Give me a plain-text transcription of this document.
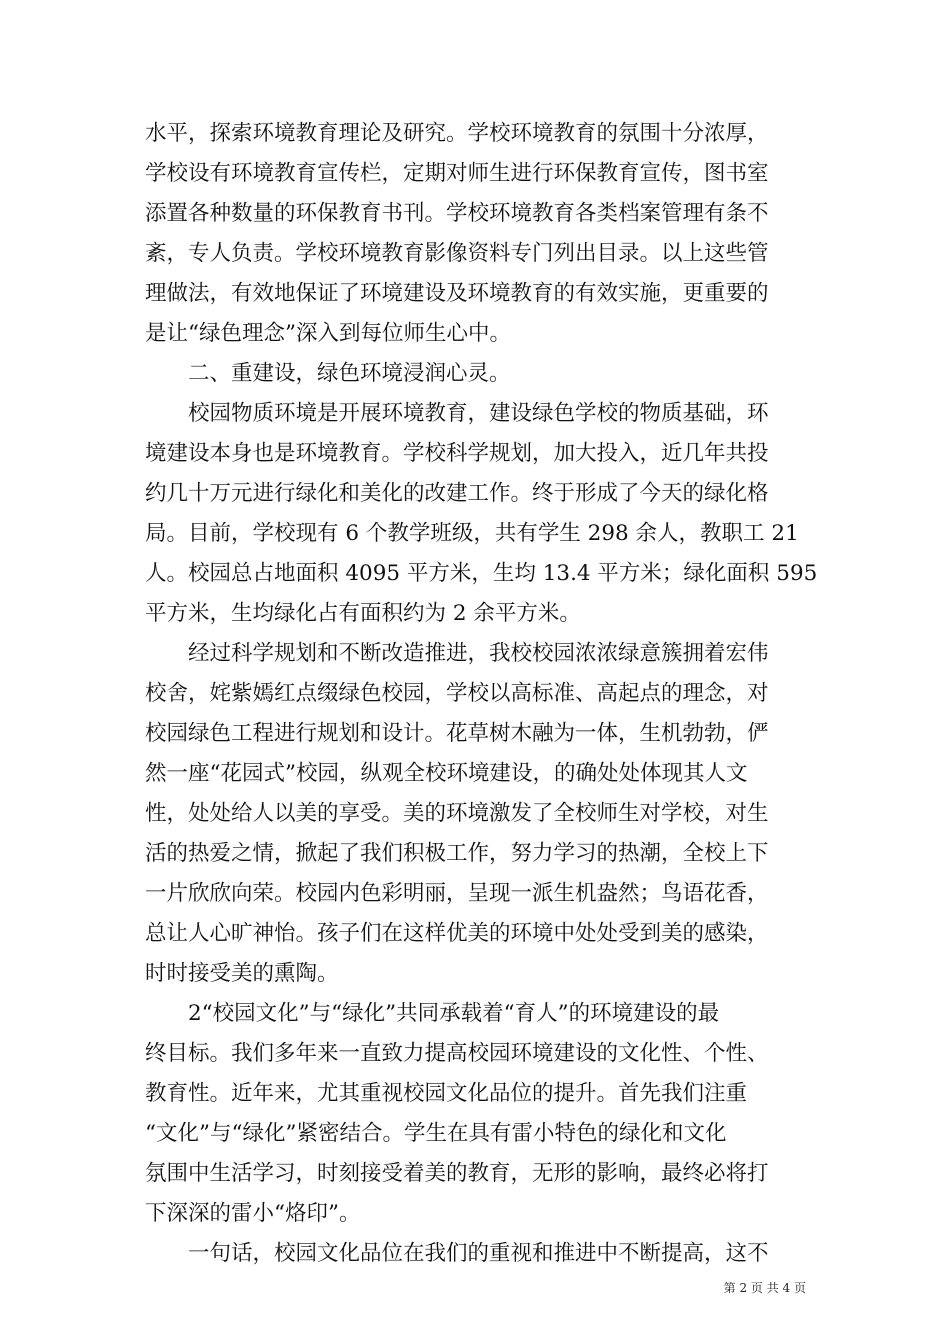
水平，探索环境教育理论及研究。学校环境教育的氛围十分浓厚，
学校设有环境教育宣传栏，定期对师生进行环保教育宣传，图书室
添置各种数量的环保教育书刊。学校环境教育各类档案管理有条不
紊，专人负责。学校环境教育影像资料专门列出目录。以上这些管
理做法，有效地保证了环境建设及环境教育的有效实施，更重要的
是让“绿色理念”深入到每位师生心中。
　　二、重建设，绿色环境浸润心灵。
　　校园物质环境是开展环境教育，建设绿色学校的物质基础，环
境建设本身也是环境教育。学校科学规划，加大投入，近几年共投
约几十万元进行绿化和美化的改建工作。终于形成了今天的绿化格
局。目前，学校现有 6 个教学班级，共有学生 298 余人，教职工 21
人。校园总占地面积 4095 平方米，生均 13.4 平方米；绿化面积 595
平方米，生均绿化占有面积约为 2 余平方米。
　　经过科学规划和不断改造推进，我校校园浓浓绿意簇拥着宏伟
校舍，姹紫嫣红点缀绿色校园，学校以高标准、高起点的理念，对
校园绿色工程进行规划和设计。花草树木融为一体，生机勃勃，俨
然一座“花园式”校园，纵观全校环境建设，的确处处体现其人文
性，处处给人以美的享受。美的环境激发了全校师生对学校，对生
活的热爱之情，掀起了我们积极工作，努力学习的热潮，全校上下
一片欣欣向荣。校园内色彩明丽，呈现一派生机盎然；鸟语花香，
总让人心旷神怡。孩子们在这样优美的环境中处处受到美的感染，
时时接受美的熏陶。
　　2“校园文化”与“绿化”共同承载着“育人”的环境建设的最
终目标。我们多年来一直致力提高校园环境建设的文化性、个性、
教育性。近年来，尤其重视校园文化品位的提升。首先我们注重
“文化”与“绿化”紧密结合。学生在具有雷小特色的绿化和文化
氛围中生活学习，时刻接受着美的教育，无形的影响，最终必将打
下深深的雷小“烙印”。
　　一句话，校园文化品位在我们的重视和推进中不断提高，这不
第 2 页 共 4 页
